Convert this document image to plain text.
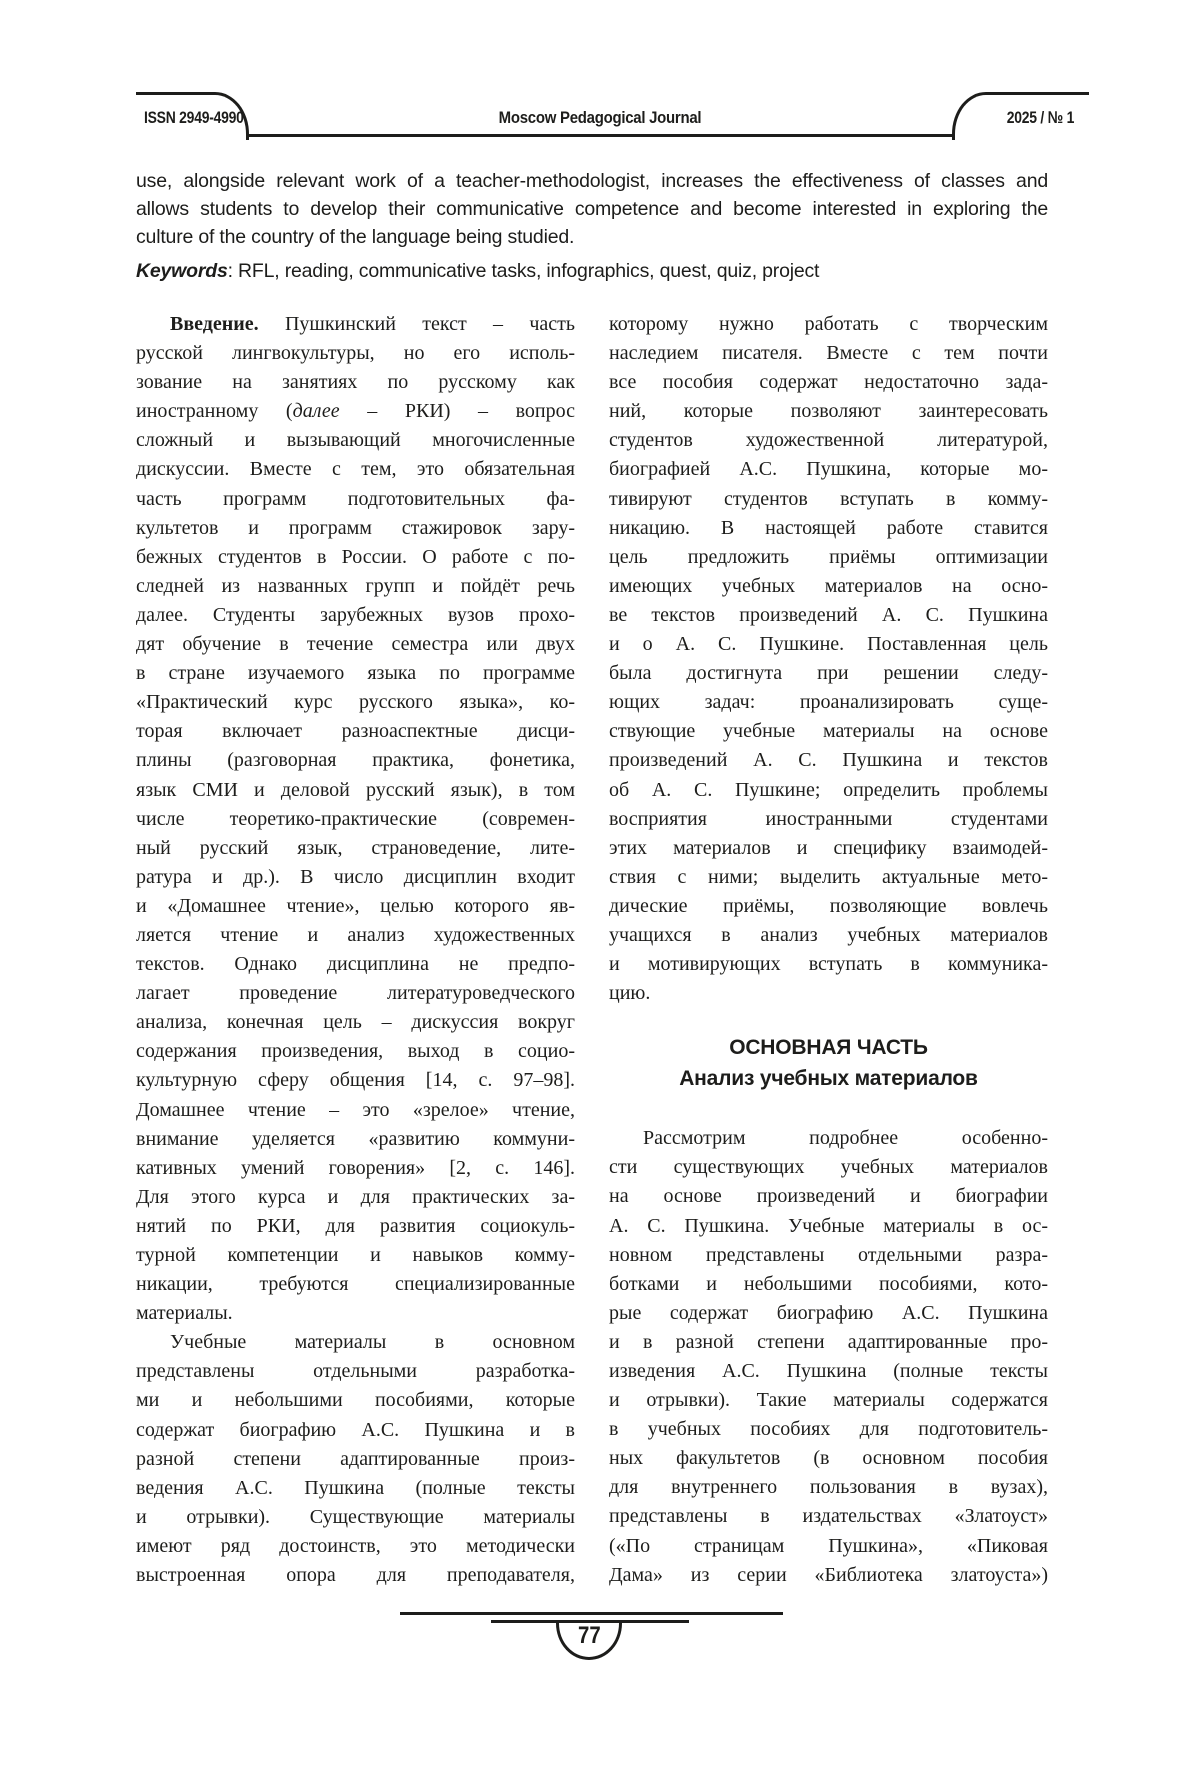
ISSN 2949-4990	Moscow Pedagogical Journal	2025 / № 1
use, alongside relevant work of a teacher-methodologist, increases the effectiveness of classes and
allows students to develop their communicative competence and become interested in exploring the
culture of the country of the language being studied.
Keywords: RFL, reading, communicative tasks, infographics, quest, quiz, project
Введение. Пушкинский текст – часть
русской лингвокультуры, но его исполь-
зование на занятиях по русскому как
иностранному (далее – РКИ) – вопрос
сложный и вызывающий многочисленные
дискуссии. Вместе с тем, это обязательная
часть программ подготовительных фа-
культетов и программ стажировок зару-
бежных студентов в России. О работе с по-
следней из названных групп и пойдёт речь
далее. Студенты зарубежных вузов прохо-
дят обучение в течение семестра или двух
в стране изучаемого языка по программе
«Практический курс русского языка», ко-
торая включает разноаспектные дисци-
плины (разговорная практика, фонетика,
язык СМИ и деловой русский язык), в том
числе теоретико-практические (современ-
ный русский язык, страноведение, лите-
ратура и др.). В число дисциплин входит
и «Домашнее чтение», целью которого яв-
ляется чтение и анализ художественных
текстов. Однако дисциплина не предпо-
лагает проведение литературоведческого
анализа, конечная цель – дискуссия вокруг
содержания произведения, выход в социо-
культурную сферу общения [14, с. 97–98].
Домашнее чтение – это «зрелое» чтение,
внимание уделяется «развитию коммуни-
кативных умений говорения» [2, с. 146].
Для этого курса и для практических за-
нятий по РКИ, для развития социокуль-
турной компетенции и навыков комму-
никации, требуются специализированные
материалы.
Учебные материалы в основном
представлены отдельными разработка-
ми и небольшими пособиями, которые
содержат биографию А.С. Пушкина и в
разной степени адаптированные произ-
ведения А.С. Пушкина (полные тексты
и отрывки). Существующие материалы
имеют ряд достоинств, это методически
выстроенная опора для преподавателя,
которому нужно работать с творческим
наследием писателя. Вместе с тем почти
все пособия содержат недостаточно зада-
ний, которые позволяют заинтересовать
студентов художественной литературой,
биографией А.С. Пушкина, которые мо-
тивируют студентов вступать в комму-
никацию. В настоящей работе ставится
цель предложить приёмы оптимизации
имеющих учебных материалов на осно-
ве текстов произведений А. С. Пушкина
и о А. С. Пушкине. Поставленная цель
была достигнута при решении следу-
ющих задач: проанализировать суще-
ствующие учебные материалы на основе
произведений А. С. Пушкина и текстов
об А. С. Пушкине; определить проблемы
восприятия иностранными студентами
этих материалов и специфику взаимодей-
ствия с ними; выделить актуальные мето-
дические приёмы, позволяющие вовлечь
учащихся в анализ учебных материалов
и мотивирующих вступать в коммуника-
цию.
ОСНОВНАЯ ЧАСТЬ
Анализ учебных материалов
Рассмотрим подробнее особенно-
сти существующих учебных материалов
на основе произведений и биографии
А. С. Пушкина. Учебные материалы в ос-
новном представлены отдельными разра-
ботками и небольшими пособиями, кото-
рые содержат биографию А.С. Пушкина
и в разной степени адаптированные про-
изведения А.С. Пушкина (полные тексты
и отрывки). Такие материалы содержатся
в учебных пособиях для подготовитель-
ных факультетов (в основном пособия
для внутреннего пользования в вузах),
представлены в издательствах «Златоуст»
(«По страницам Пушкина», «Пиковая
Дама» из серии «Библиотека златоуста»)
77
